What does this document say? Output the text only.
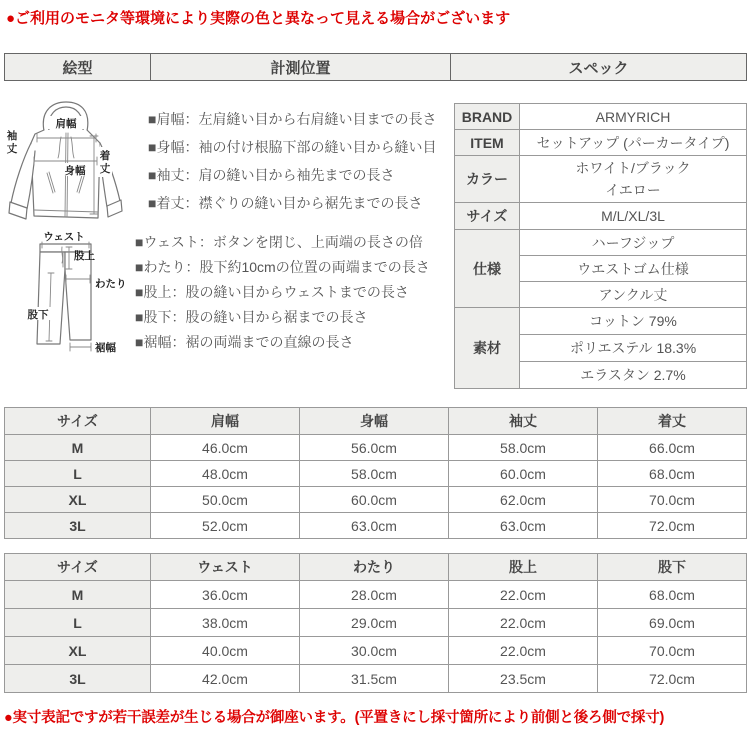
●ご利用のモニタ等環境により実際の色と異なって見える場合がございます
絵型	計測位置	スペック
肩幅
身幅
着
丈
袖
丈
ウェスト
股上
わたり
股下
裾幅
■肩幅：左肩縫い目から右肩縫い目までの長さ
■身幅：袖の付け根脇下部の縫い目から縫い目
■袖丈：肩の縫い目から袖先までの長さ
■着丈：襟ぐりの縫い目から裾先までの長さ
■ウェスト：ボタンを閉じ、上両端の長さの倍
■わたり：股下約10cmの位置の両端までの長さ
■股上：股の縫い目からウェストまでの長さ
■股下：股の縫い目から裾までの長さ
■裾幅：裾の両端までの直線の長さ
BRAND	ARMYRICH
ITEM	セットアップ (パーカータイプ)
カラー	ホワイト/ブラック
イエロー

サイズ	M/L/XL/3L
仕様	ハーフジップ
	ウエストゴム仕様
	アンクル丈
素材	コットン 79%
	ポリエステル 18.3%
	エラスタン 2.7%
サイズ	肩幅	身幅	袖丈	着丈
M	46.0cm	56.0cm	58.0cm	66.0cm
L	48.0cm	58.0cm	60.0cm	68.0cm
XL	50.0cm	60.0cm	62.0cm	70.0cm
3L	52.0cm	63.0cm	63.0cm	72.0cm
サイズ	ウェスト	わたり	股上	股下
M	36.0cm	28.0cm	22.0cm	68.0cm
L	38.0cm	29.0cm	22.0cm	69.0cm
XL	40.0cm	30.0cm	22.0cm	70.0cm
3L	42.0cm	31.5cm	23.5cm	72.0cm
●実寸表記ですが若干誤差が生じる場合が御座います。(平置きにし採寸箇所により前側と後ろ側で採寸)
